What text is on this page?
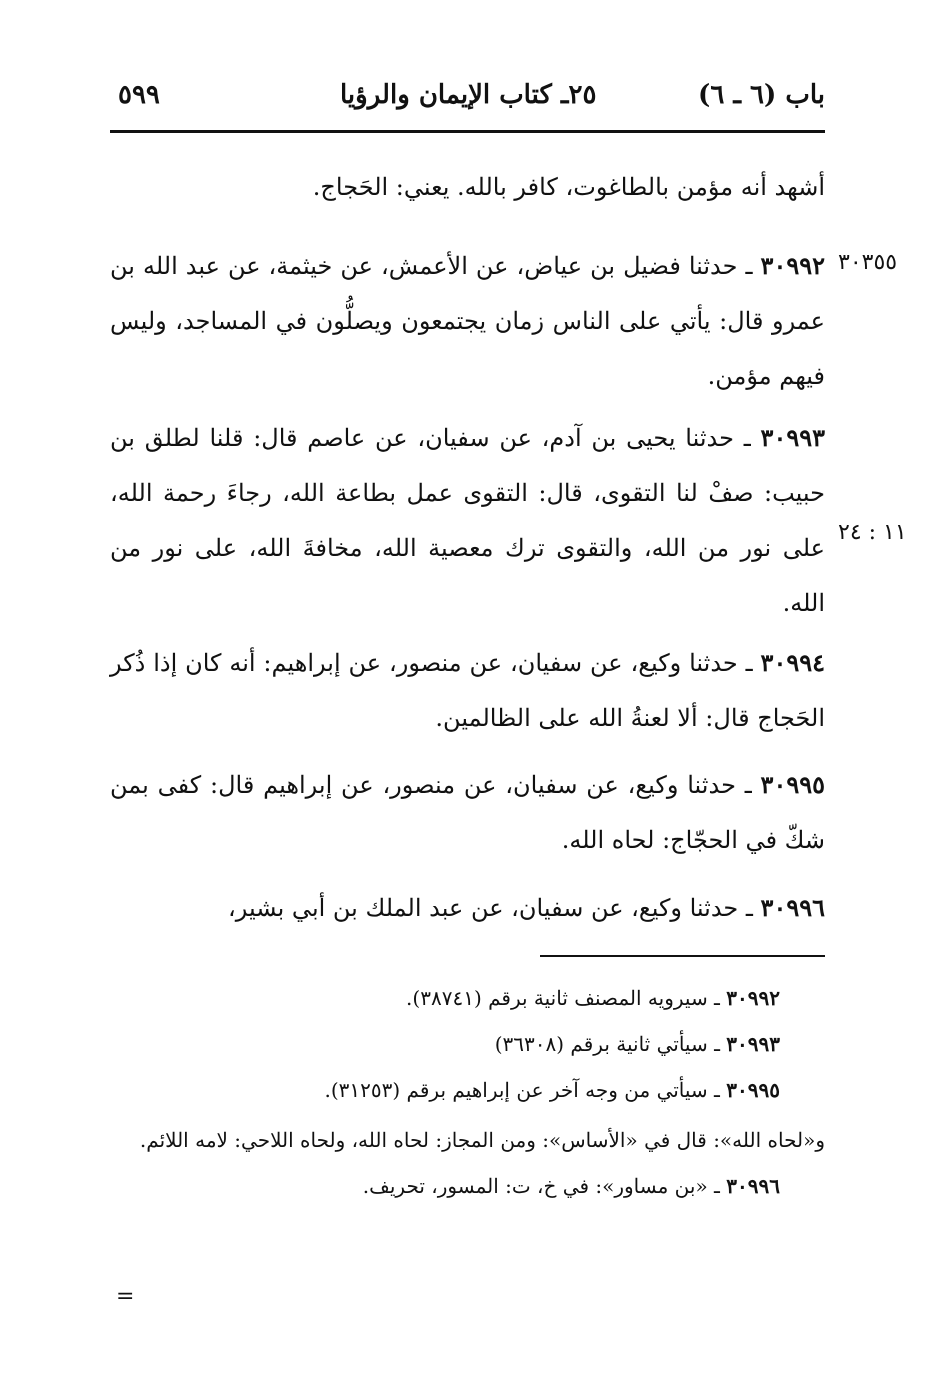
باب (٦ ـ ٦)
٢٥ـ كتاب الإيمان والرؤيا
٥٩٩
أشهد أنه مؤمن بالطاغوت، كافر بالله. يعني: الحَجاج.
٣٠٣٥٥
٣٠٩٩٢ ـ حدثنا فضيل بن عياض، عن الأعمش، عن خيثمة، عن عبد الله بن عمرو قال: يأتي على الناس زمان يجتمعون ويصلُّون في المساجد، وليس فيهم مؤمن.
١١ : ٢٤
٣٠٩٩٣ ـ حدثنا يحيى بن آدم، عن سفيان، عن عاصم قال: قلنا لطلق بن حبيب: صفْ لنا التقوى، قال: التقوى عمل بطاعة الله، رجاءَ رحمة الله، على نور من الله، والتقوى ترك معصية الله، مخافةَ الله، على نور من الله.
٣٠٩٩٤ ـ حدثنا وكيع، عن سفيان، عن منصور، عن إبراهيم: أنه كان إذا ذُكر الحَجاج قال: ألا لعنةُ الله على الظالمين.
٣٠٩٩٥ ـ حدثنا وكيع، عن سفيان، عن منصور، عن إبراهيم قال: كفى بمن شكّ في الحجّاج: لحاه الله.
٣٠٩٩٦ ـ حدثنا وكيع، عن سفيان، عن عبد الملك بن أبي بشير،

٣٠٩٩٢ ـ سيرويه المصنف ثانية برقم (٣٨٧٤١).

٣٠٩٩٣ ـ سيأتي ثانية برقم (٣٦٣٠٨)

٣٠٩٩٥ ـ سيأتي من وجه آخر عن إبراهيم برقم (٣١٢٥٣).

و«لحاه الله»: قال في «الأساس»: ومن المجاز: لحاه الله، ولحاه اللاحي: لامه اللائم.

٣٠٩٩٦ ـ «بن مساور»: في خ، ت: المسور، تحريف.

=
